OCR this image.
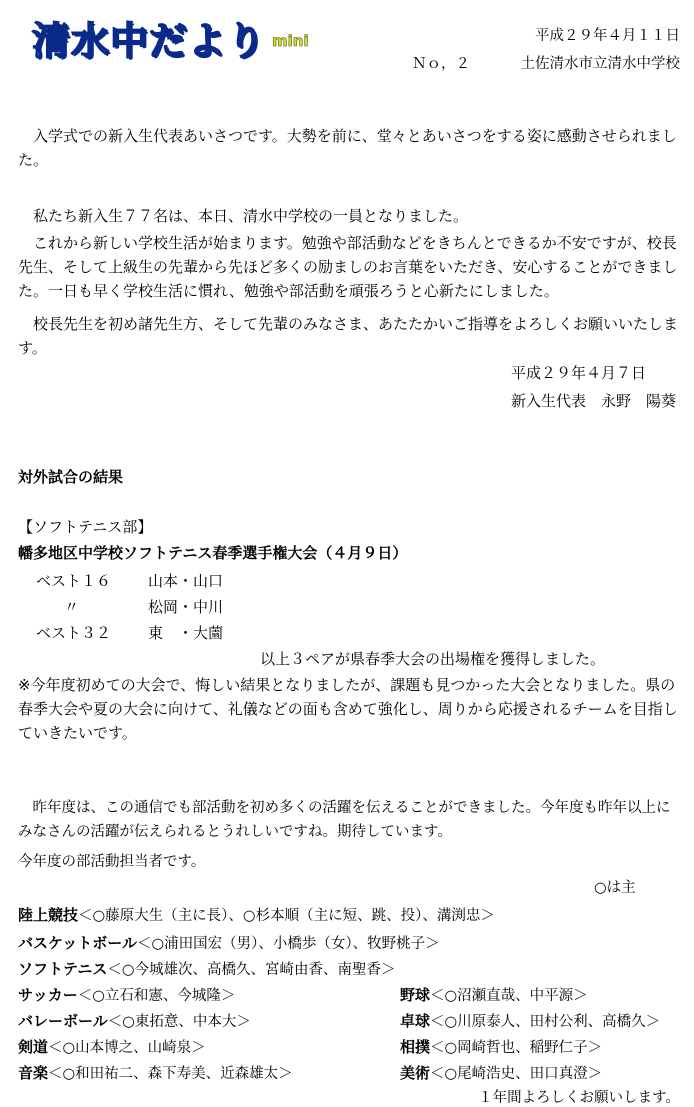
清水中だより mini	平成２９年４月１１日
Ｎｏ，２	土佐清水市立清水中学校
入学式での新入生代表あいさつです。大勢を前に、堂々とあいさつをする姿に感動させられました。
私たち新入生７７名は、本日、清水中学校の一員となりました。
これから新しい学校生活が始まります。勉強や部活動などをきちんとできるか不安ですが、校長先生、そして上級生の先輩から先ほど多くの励ましのお言葉をいただき、安心することができました。一日も早く学校生活に慣れ、勉強や部活動を頑張ろうと心新たにしました。
校長先生を初め諸先生方、そして先輩のみなさま、あたたかいご指導をよろしくお願いいたします。
平成２９年４月７日
新入生代表　永野　陽葵
対外試合の結果
【ソフトテニス部】
幡多地区中学校ソフトテニス春季選手権大会（４月９日）
ベスト１６ 山本・山口
〃	松岡・中川
ベスト３２ 東　・大薗
以上３ペアが県春季大会の出場権を獲得しました。
※今年度初めての大会で、悔しい結果となりましたが、課題も見つかった大会となりました。県の春季大会や夏の大会に向けて、礼儀などの面も含めて強化し、周りから応援されるチームを目指していきたいです。
昨年度は、この通信でも部活動を初め多くの活躍を伝えることができました。今年度も昨年以上にみなさんの活躍が伝えられるとうれしいですね。期待しています。
今年度の部活動担当者です。
○は主
陸上競技＜○藤原大生（主に長）、○杉本順（主に短、跳、投）、溝渕忠＞
バスケットボール＜○浦田国宏（男）、小橋歩（女）、牧野桃子＞
ソフトテニス＜○今城雄次、高橋久、宮崎由香、南聖香＞
サッカー＜○立石和憲、今城隆＞	野球＜○沼瀬直哉、中平源＞
バレーボール＜○東拓意、中本大＞	卓球＜○川原泰人、田村公利、高橋久＞
剣道＜○山本博之、山崎泉＞	相撲＜○岡崎哲也、稲野仁子＞
音楽＜○和田祐二、森下寿美、近森雄太＞	美術＜○尾崎浩史、田口真澄＞
１年間よろしくお願いします。
